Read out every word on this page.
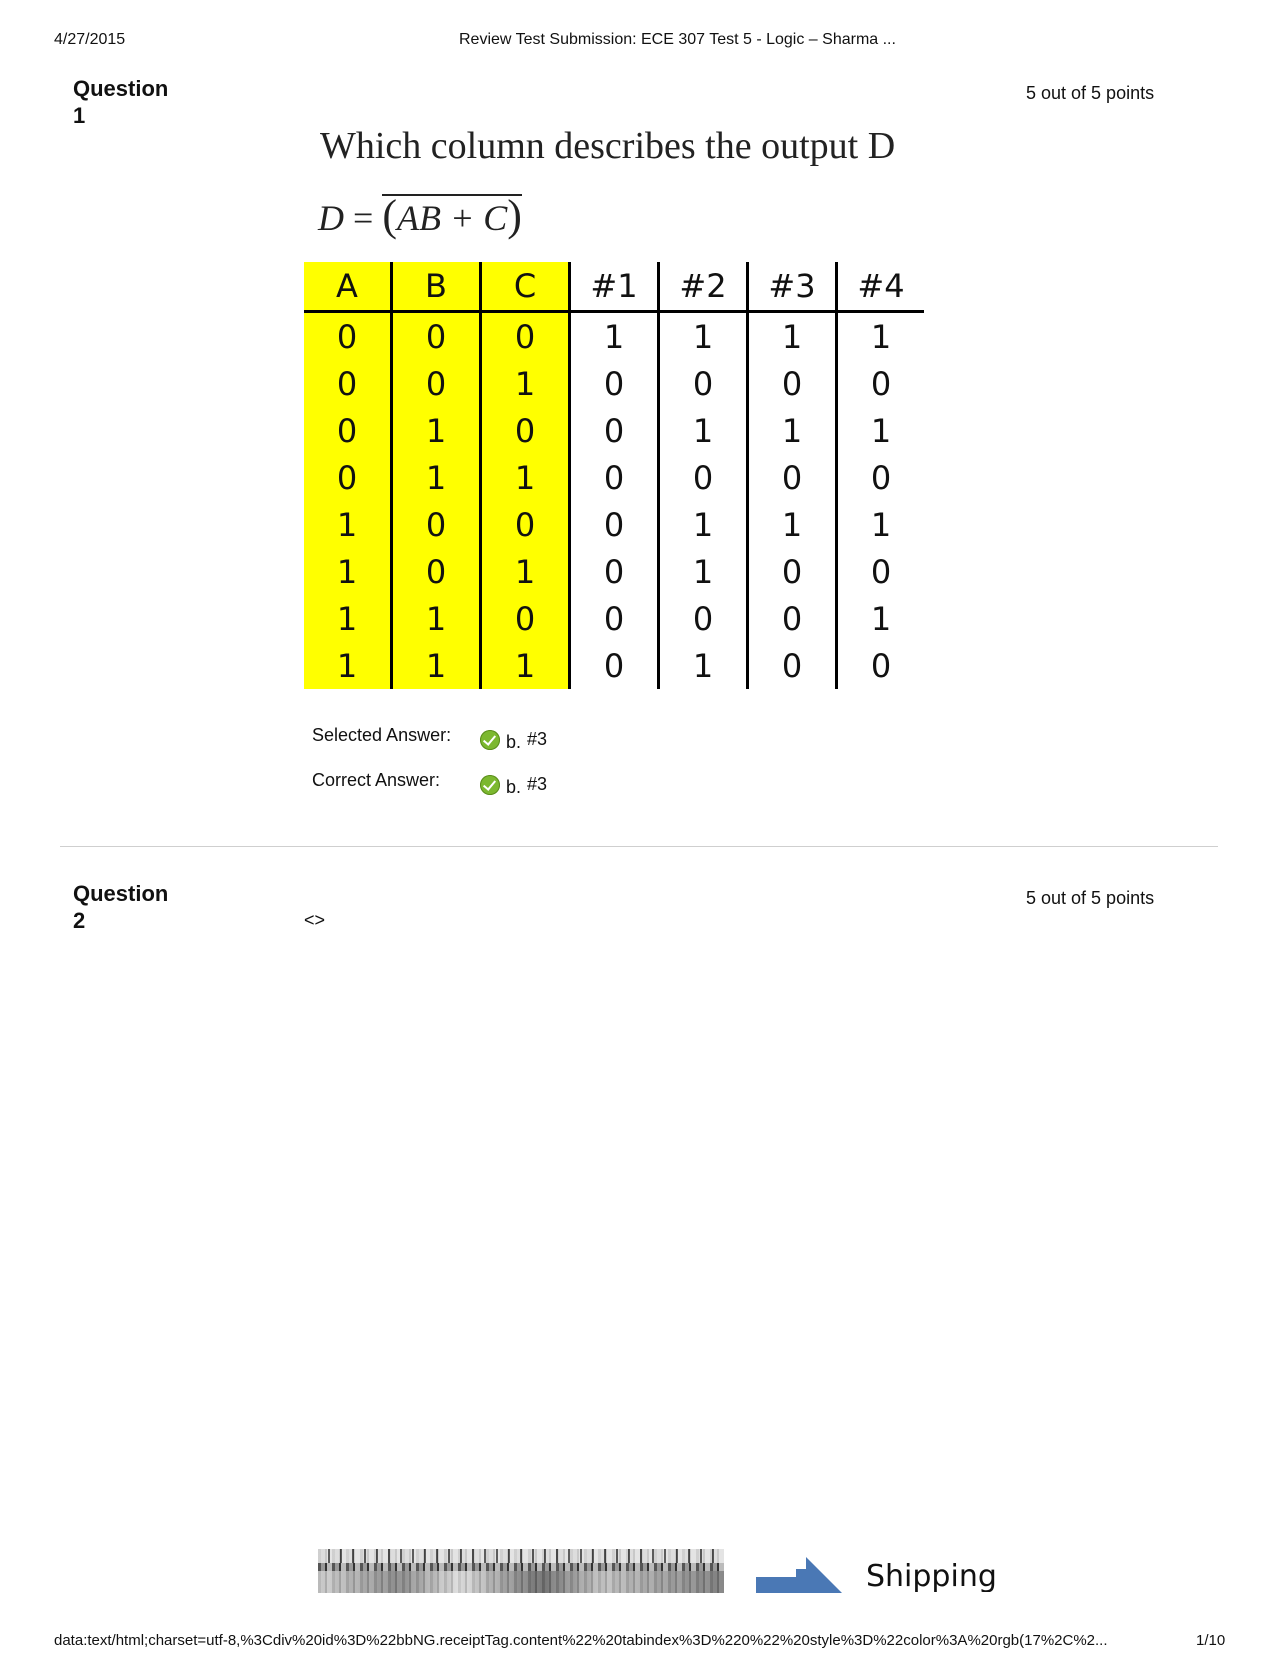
4/27/2015	Review Test Submission: ECE 307 Test 5 - Logic – Sharma ...
Question
1
5 out of 5 points
Which column describes the output D
D = (AB + C)
A	B	C	#1	#2	#3	#4
0	0	0	1	1	1	1
0	0	1	0	0	0	0
0	1	0	0	1	1	1
0	1	1	0	0	0	0
1	0	0	0	1	1	1
1	0	1	0	1	0	0
1	1	0	0	0	0	1
1	1	1	0	1	0	0
Selected Answer:	b. #3
Correct Answer:	b. #3
Question
2
5 out of 5 points
<>
Shipping
data:text/html;charset=utf-8,%3Cdiv%20id%3D%22bbNG.receiptTag.content%22%20tabindex%3D%220%22%20style%3D%22color%3A%20rgb(17%2C%2...	1/10
